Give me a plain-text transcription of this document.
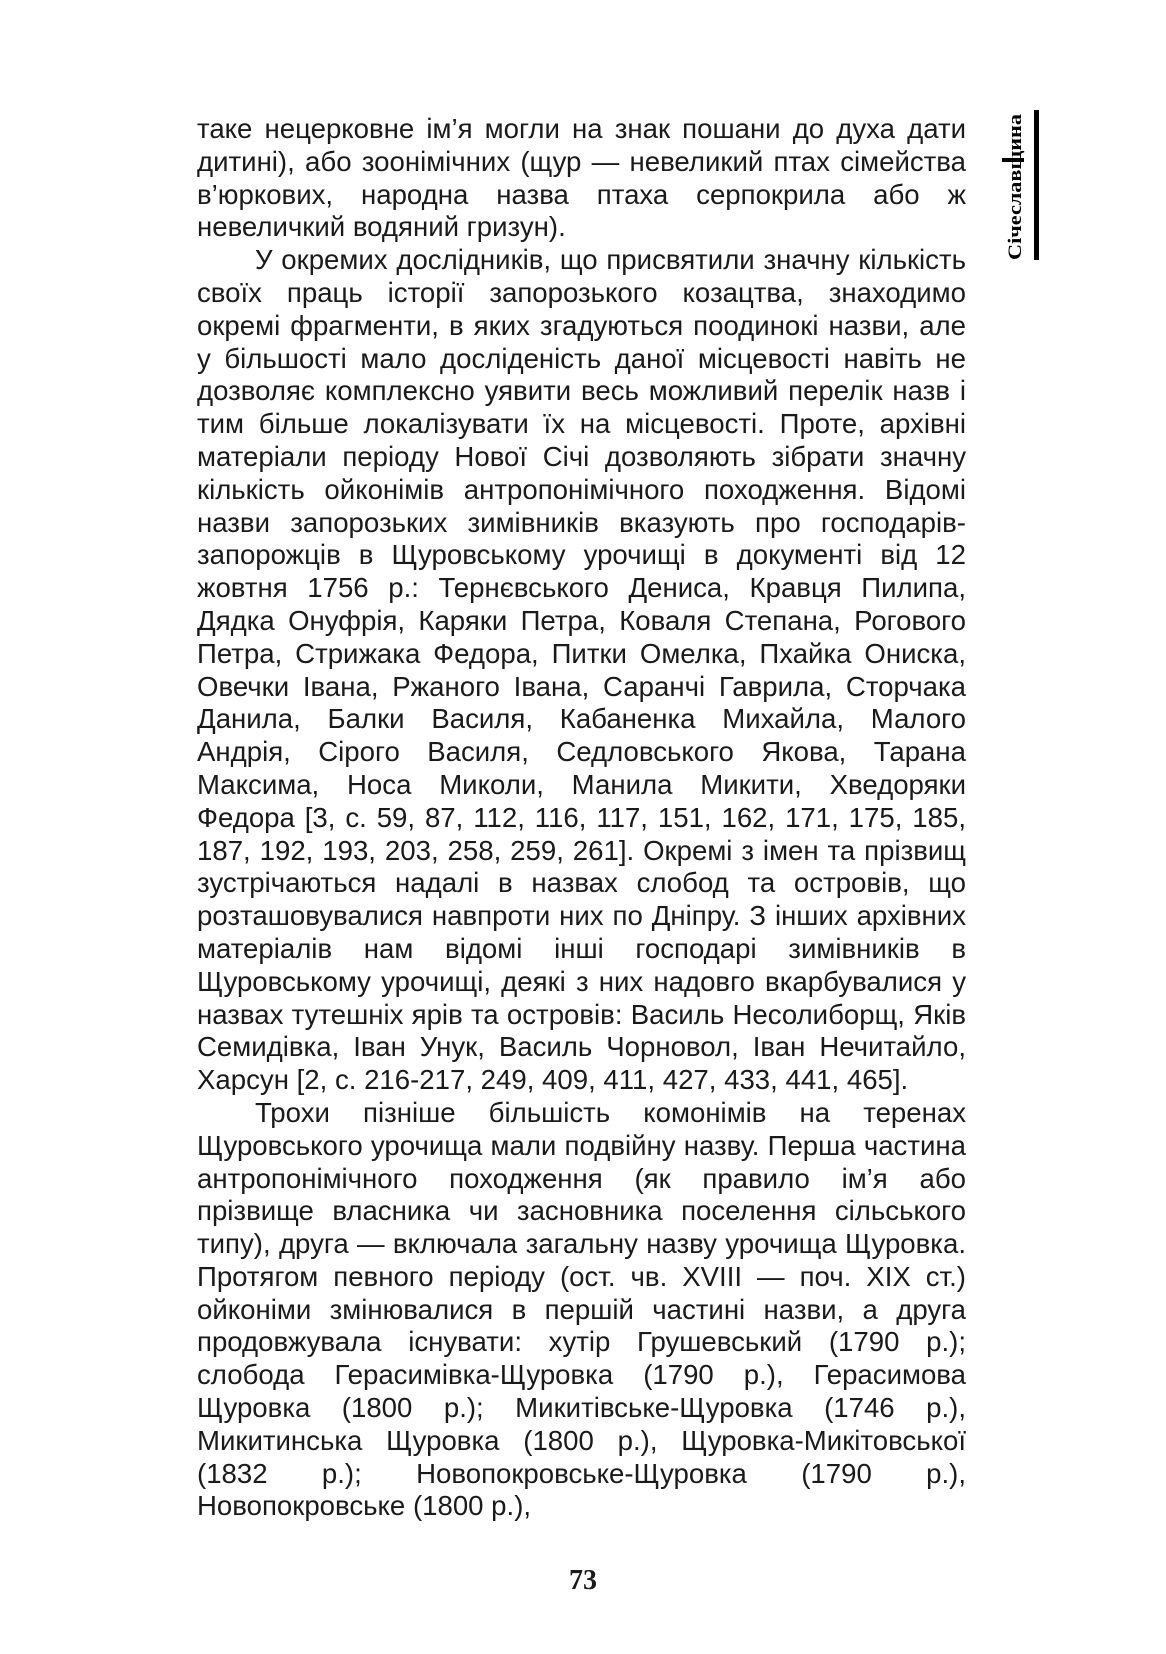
Січеславщина

таке нецерковне ім’я могли на знак пошани до духа дати дитині), або зоонімічних (щур — невеликий птах сімейства в’юркових, народна назва птаха серпокрила або ж невеличкий водяний гризун).

У окремих дослідників, що присвятили значну кількість своїх праць історії запорозького козацтва, знаходимо окремі фрагменти, в яких згадуються поодинокі назви, але у більшості мало досліденість даної місцевості навіть не дозволяє комплексно уявити весь можливий перелік назв і тим більше локалізувати їх на місцевості. Проте, архівні матеріали періоду Нової Січі дозволяють зібрати значну кількість ойконімів антропонімічного походження. Відомі назви запорозьких зимівників вказують про господарів-запорожців в Щуровському урочищі в документі від 12 жовтня 1756 р.: Тернєвського Дениса, Кравця Пилипа, Дядка Онуфрія, Каряки Петра, Коваля Степана, Рогового Петра, Стрижака Федора, Питки Омелка, Пхайка Ониска, Овечки Івана, Ржаного Івана, Саранчі Гаврила, Сторчака Данила, Балки Василя, Кабаненка Михайла, Малого Андрія, Сірого Василя, Седловського Якова, Тарана Максима, Носа Миколи, Манила Микити, Хведоряки Федора [3, с. 59, 87, 112, 116, 117, 151, 162, 171, 175, 185, 187, 192, 193, 203, 258, 259, 261]. Окремі з імен та прізвищ зустрічаються надалі в назвах слобод та островів, що розташовувалися навпроти них по Дніпру. З інших архівних матеріалів нам відомі інші господарі зимівників в Щуровському урочищі, деякі з них надовго вкарбувалися у назвах тутешніх ярів та островів: Василь Несолиборщ, Яків Семидівка, Іван Унук, Василь Чорновол, Іван Нечитайло, Харсун [2, с. 216-217, 249, 409, 411, 427, 433, 441, 465].

Трохи пізніше більшість комонімів на теренах Щуровського урочища мали подвійну назву. Перша частина антропонімічного походження (як правило ім’я або прізвище власника чи засновника поселення сільського типу), друга — включала загальну назву урочища Щуровка. Протягом певного періоду (ост. чв. XVIII — поч. XIX ст.) ойконіми змінювалися в першій частині назви, а друга продовжувала існувати: хутір Грушевський (1790 р.); слобода Герасимівка-Щуровка (1790 р.), Герасимова Щуровка (1800 р.); Микитівське-Щуровка (1746 р.), Микитинська Щуровка (1800 р.), Щуровка-Микітовської (1832 р.); Новопокровське-Щуровка (1790 р.), Новопокровське (1800 р.),

73
